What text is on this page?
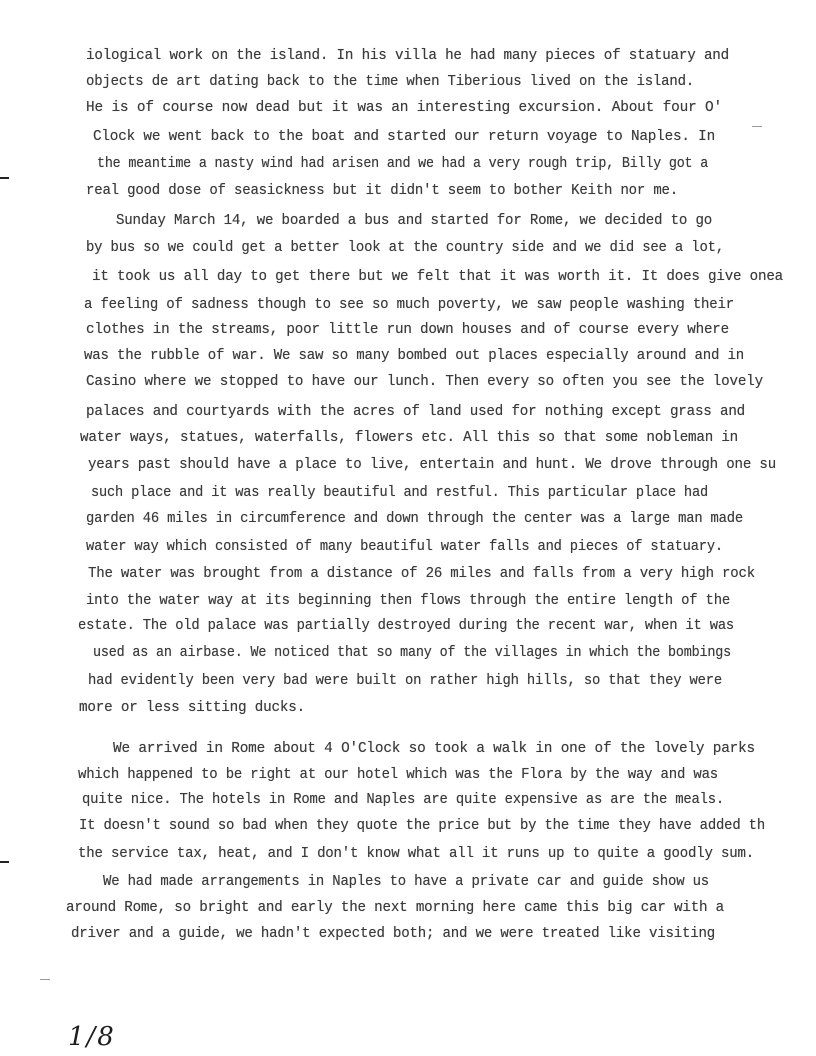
iological work on the island. In his villa he had many pieces of statuary and
objects de art dating back to the time when Tiberious lived on the island.
He is of course now dead but it was an interesting excursion. About four O'
Clock we went back to the boat and started our return voyage to Naples. In
the meantime a nasty wind had arisen and we had a very rough trip, Billy got a
real good dose of seasickness but it didn't seem to bother Keith nor me.
Sunday March 14, we boarded a bus and started for Rome, we decided to go
by bus so we could get a better look at the country side and we did see a lot,
it took us all day to get there but we felt that it was worth it. It does give onea
a feeling of sadness though to see so much poverty, we saw people washing their
clothes in the streams, poor little run down houses and of course every where
was the rubble of war. We saw so many bombed out places especially around and in
Casino where we stopped to have our lunch. Then every so often you see the lovely
palaces and courtyards with the acres of land used for nothing except grass and
water ways, statues, waterfalls, flowers etc. All this so that some nobleman in
years past should have a place to live, entertain and hunt. We drove through one su
such place and it was really beautiful and restful. This particular place had
garden 46 miles in circumference and down through the center was a large man made
water way which consisted of many beautiful water falls and pieces of statuary.
The water was brought from a distance of 26 miles and falls from a very high rock
into the water way at its beginning then flows through the entire length of the
estate. The old palace was partially destroyed during the recent war, when it was
used as an airbase. We noticed that so many of the villages in which the bombings
had evidently been very bad were built on rather high hills, so that they were
more or less sitting ducks.
We arrived in Rome about 4 O'Clock so took a walk in one of the lovely parks
which happened to be right at our hotel which was the Flora by the way and was
quite nice. The hotels in Rome and Naples are quite expensive as are the meals.
It doesn't sound so bad when they quote the price but by the time they have added th
the service tax, heat, and I don't know what all it runs up to quite a goodly sum.
We had made arrangements in Naples to have a private car and guide show us
around Rome, so bright and early the next morning here came this big car with a
driver and a guide, we hadn't expected both; and we were treated like visiting
1/8
